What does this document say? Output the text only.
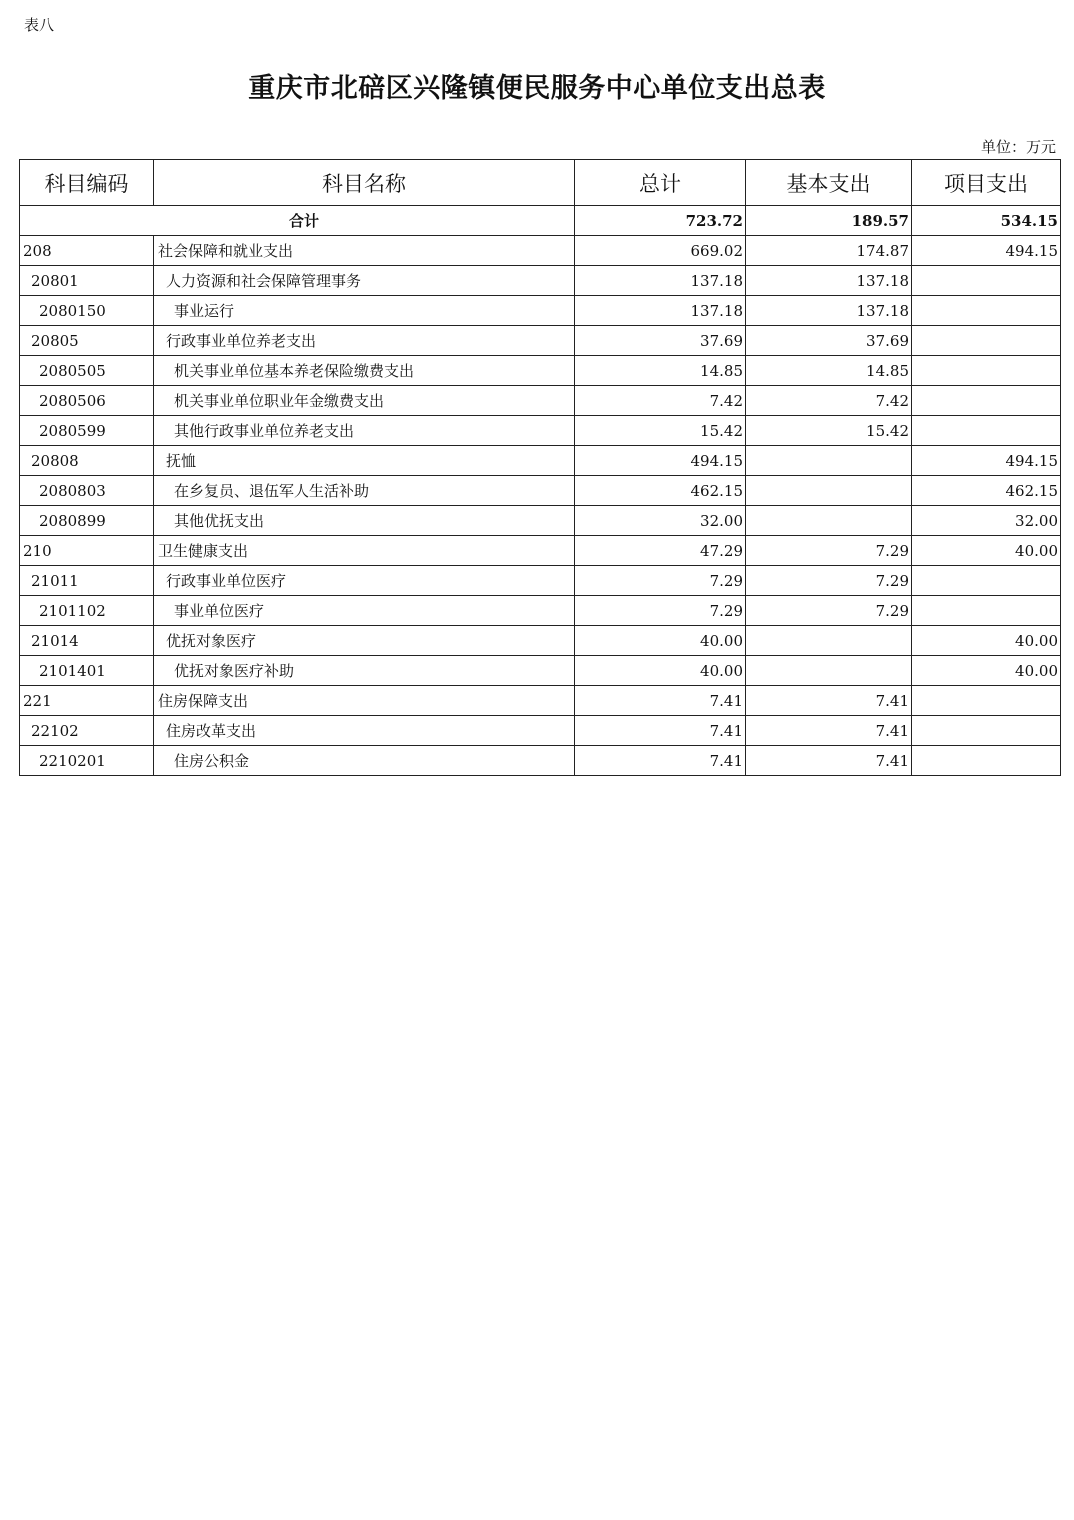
表八
重庆市北碚区兴隆镇便民服务中心单位支出总表
单位：万元
科目编码	科目名称	总计	基本支出	项目支出
合计		723.72	189.57	534.15
208	社会保障和就业支出	669.02	174.87	494.15
20801	人力资源和社会保障管理事务	137.18	137.18	
2080150	事业运行	137.18	137.18	
20805	行政事业单位养老支出	37.69	37.69	
2080505	机关事业单位基本养老保险缴费支出	14.85	14.85	
2080506	机关事业单位职业年金缴费支出	7.42	7.42	
2080599	其他行政事业单位养老支出	15.42	15.42	
20808	抚恤	494.15		494.15
2080803	在乡复员、退伍军人生活补助	462.15		462.15
2080899	其他优抚支出	32.00		32.00
210	卫生健康支出	47.29	7.29	40.00
21011	行政事业单位医疗	7.29	7.29	
2101102	事业单位医疗	7.29	7.29	
21014	优抚对象医疗	40.00		40.00
2101401	优抚对象医疗补助	40.00		40.00
221	住房保障支出	7.41	7.41	
22102	住房改革支出	7.41	7.41	
2210201	住房公积金	7.41	7.41	
